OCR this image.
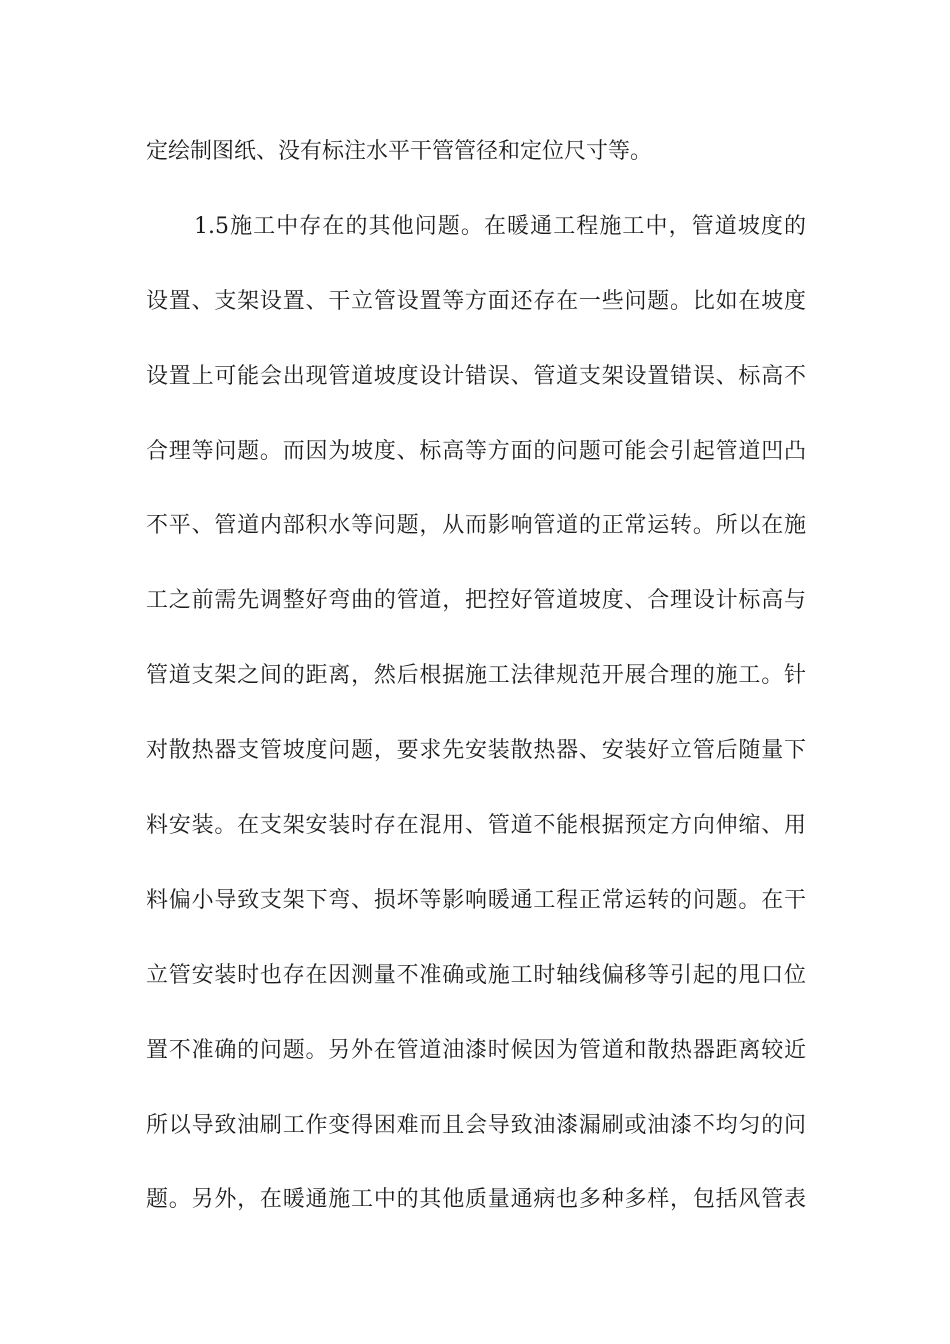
定绘制图纸、没有标注水平干管管径和定位尺寸等。
1.5施工中存在的其他问题。在暖通工程施工中，管道坡度的
设置、支架设置、干立管设置等方面还存在一些问题。比如在坡度
设置上可能会出现管道坡度设计错误、管道支架设置错误、标高不
合理等问题。而因为坡度、标高等方面的问题可能会引起管道凹凸
不平、管道内部积水等问题，从而影响管道的正常运转。所以在施
工之前需先调整好弯曲的管道，把控好管道坡度、合理设计标高与
管道支架之间的距离，然后根据施工法律规范开展合理的施工。针
对散热器支管坡度问题，要求先安装散热器、安装好立管后随量下
料安装。在支架安装时存在混用、管道不能根据预定方向伸缩、用
料偏小导致支架下弯、损坏等影响暖通工程正常运转的问题。在干
立管安装时也存在因测量不准确或施工时轴线偏移等引起的甩口位
置不准确的问题。另外在管道油漆时候因为管道和散热器距离较近
所以导致油刷工作变得困难而且会导致油漆漏刷或油漆不均匀的问
题。另外，在暖通施工中的其他质量通病也多种多样，包括风管表
